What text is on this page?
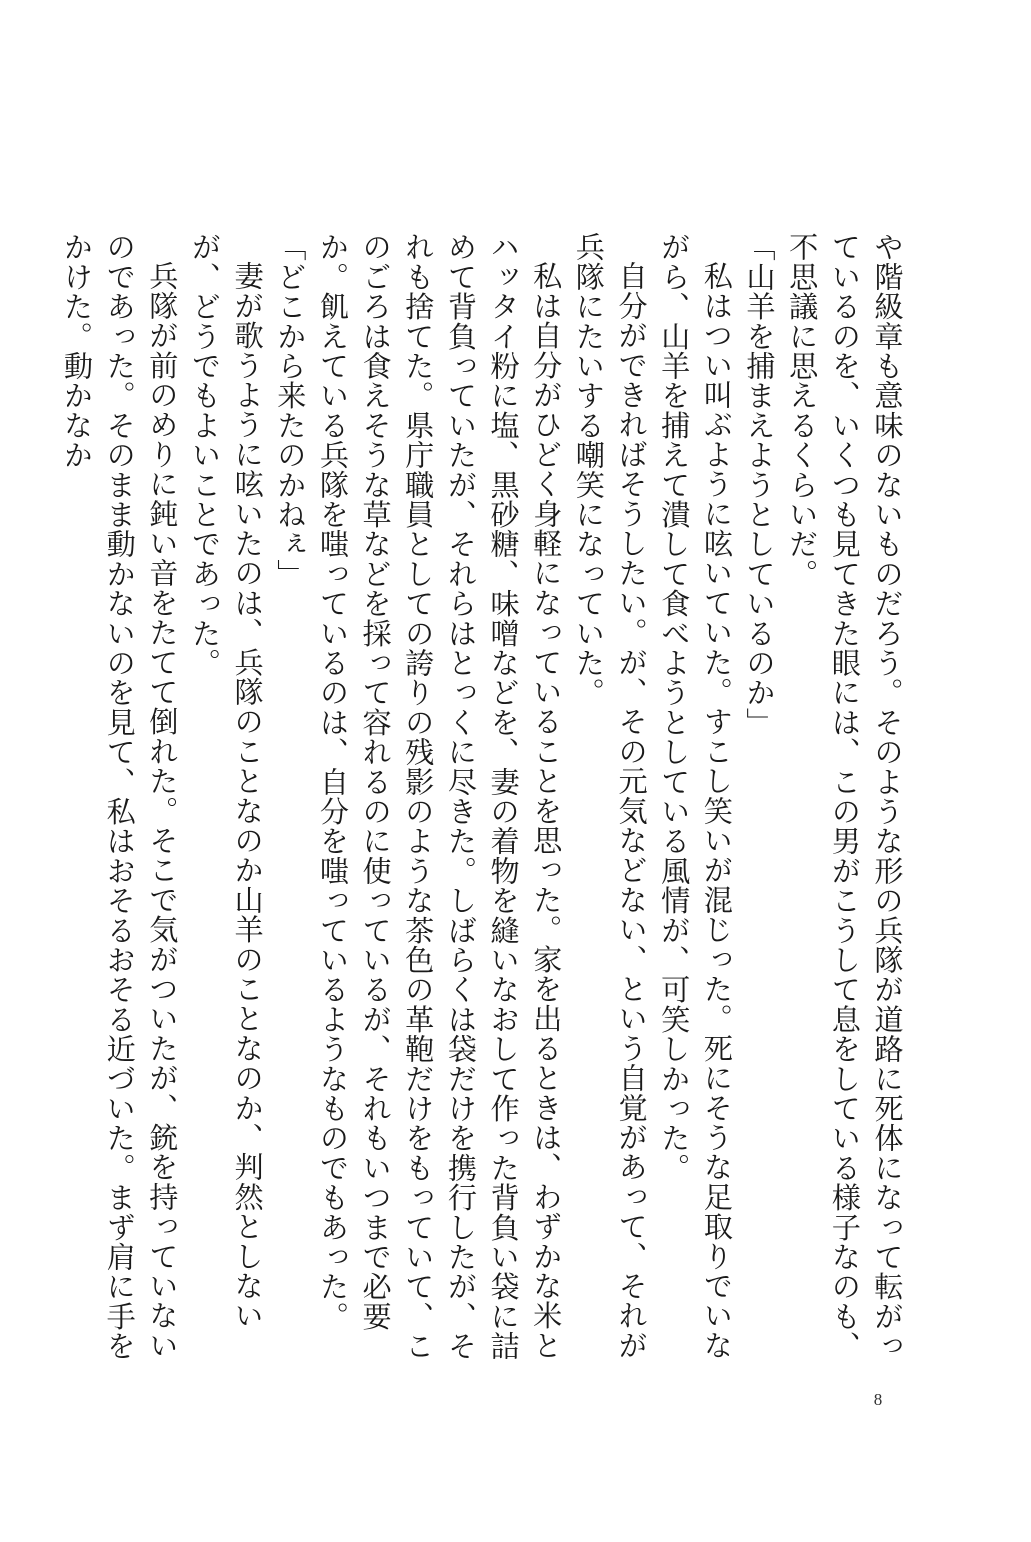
や階級章も意味のないものだろう。そのような形の兵隊が道路に死体になって転がっているのを、いくつも見てきた眼には、この男がこうして息をしている様子なのも、不思議に思えるくらいだ。

「山羊を捕まえようとしているのか」

私はつい叫ぶように呟いていた。すこし笑いが混じった。死にそうな足取りでいながら、山羊を捕えて潰して食べようとしている風情が、可笑しかった。

自分ができればそうしたい。が、その元気などない、という自覚があって、それが兵隊にたいする嘲笑になっていた。

私は自分がひどく身軽になっていることを思った。家を出るときは、わずかな米とハッタイ粉に塩、黒砂糖、味噌などを、妻の着物を縫いなおして作った背負い袋に詰めて背負っていたが、それらはとっくに尽きた。しばらくは袋だけを携行したが、それも捨てた。県庁職員としての誇りの残影のような茶色の革鞄だけをもっていて、このごろは食えそうな草などを採って容れるのに使っているが、それもいつまで必要か。飢えている兵隊を嗤っているのは、自分を嗤っているようなものでもあった。

「どこから来たのかねぇ」

妻が歌うように呟いたのは、兵隊のことなのか山羊のことなのか、判然としないが、どうでもよいことであった。

兵隊が前のめりに鈍い音をたてて倒れた。そこで気がついたが、銃を持っていないのであった。そのまま動かないのを見て、私はおそるおそる近づいた。まず肩に手をかけた。動かなか

8
